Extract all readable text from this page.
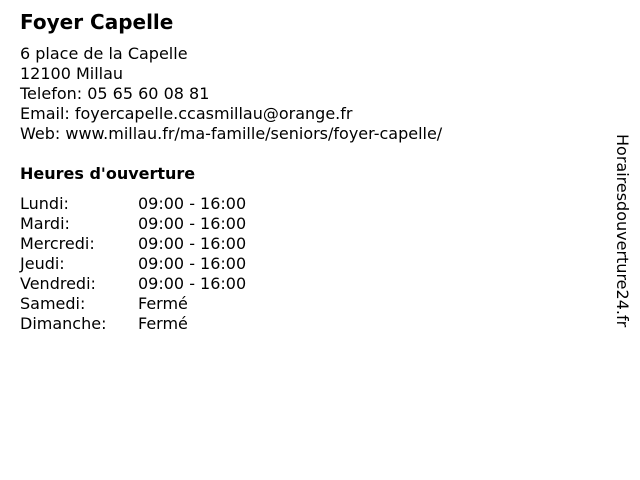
Foyer Capelle
6 place de la Capelle
12100 Millau
Telefon: 05 65 60 08 81
Email: foyercapelle.ccasmillau@orange.fr
Web: www.millau.fr/ma-famille/seniors/foyer-capelle/
Heures d'ouverture
Lundi:	09:00 - 16:00
Mardi:	09:00 - 16:00
Mercredi:	09:00 - 16:00
Jeudi:	09:00 - 16:00
Vendredi:	09:00 - 16:00
Samedi:	Fermé
Dimanche:	Fermé	Horairesdouverture24.fr
